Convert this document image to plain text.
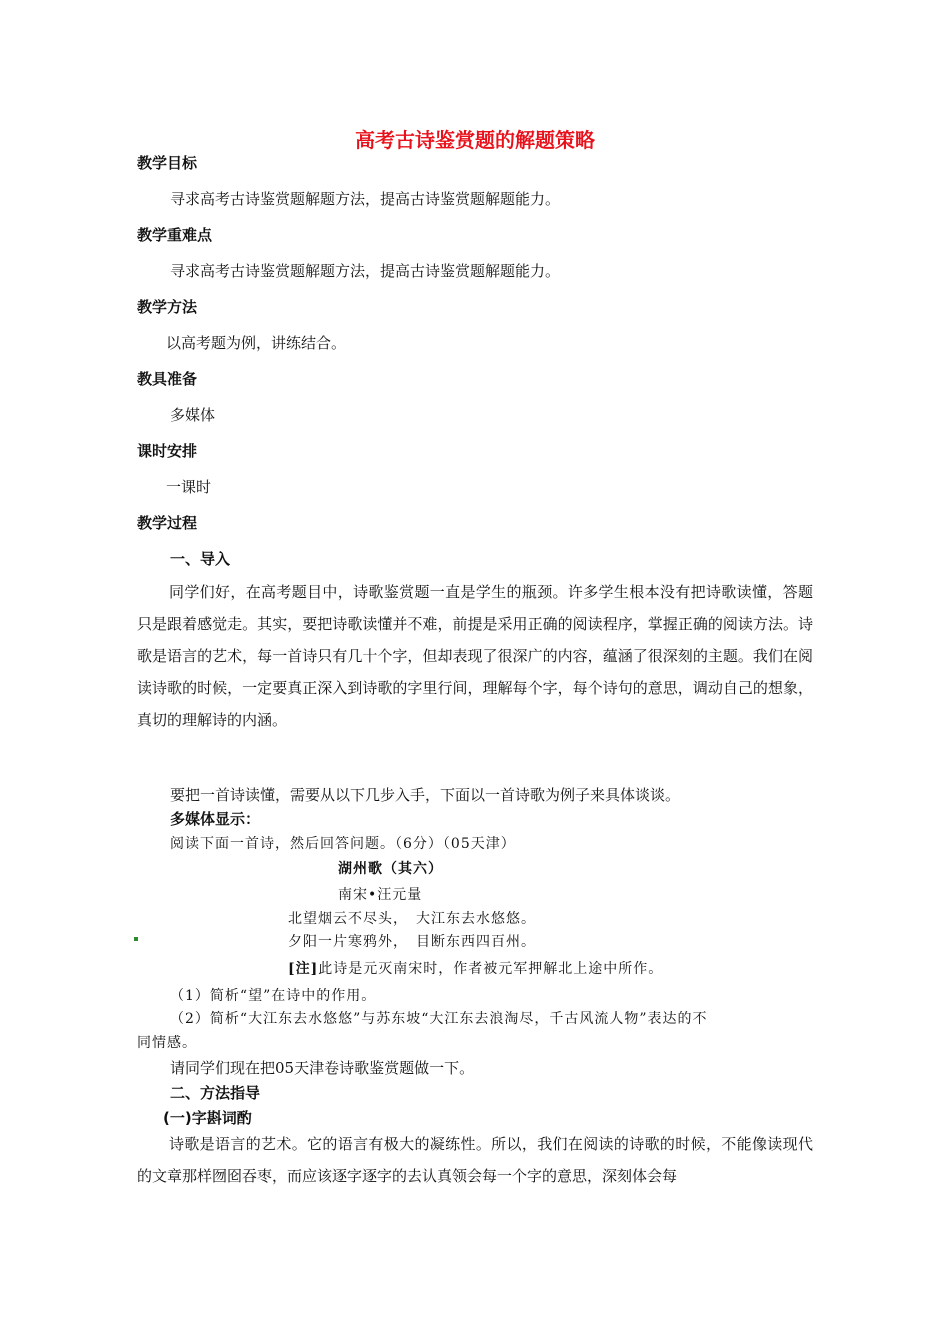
高考古诗鉴赏题的解题策略
教学目标
寻求高考古诗鉴赏题解题方法，提高古诗鉴赏题解题能力。
教学重难点
寻求高考古诗鉴赏题解题方法，提高古诗鉴赏题解题能力。
教学方法
以高考题为例，讲练结合。
教具准备
多媒体
课时安排
一课时
教学过程
一、导入
同学们好，在高考题目中，诗歌鉴赏题一直是学生的瓶颈。许多学生根本没有把诗歌读懂，答题只是跟着感觉走。其实，要把诗歌读懂并不难，前提是采用正确的阅读程序，掌握正确的阅读方法。诗歌是语言的艺术，每一首诗只有几十个字，但却表现了很深广的内容，蕴涵了很深刻的主题。我们在阅读诗歌的时候，一定要真正深入到诗歌的字里行间，理解每个字，每个诗句的意思，调动自己的想象，真切的理解诗的内涵。
要把一首诗读懂，需要从以下几步入手，下面以一首诗歌为例子来具体谈谈。
多媒体显示：
阅读下面一首诗，然后回答问题。（6分）（05天津）
湖州歌（其六）
南宋•汪元量
北望烟云不尽头，　大江东去水悠悠。
夕阳一片寒鸦外，　目断东西四百州。
[注]此诗是元灭南宋时，作者被元军押解北上途中所作。
（1）简析“望”在诗中的作用。
（2）简析“大江东去水悠悠”与苏东坡“大江东去浪淘尽，千古风流人物”表达的不
同情感。
请同学们现在把05天津卷诗歌鉴赏题做一下。
二、方法指导
(一)字斟词酌
诗歌是语言的艺术。它的语言有极大的凝练性。所以，我们在阅读的诗歌的时候，不能像读现代的文章那样囫囵吞枣，而应该逐字逐字的去认真领会每一个字的意思，深刻体会每
